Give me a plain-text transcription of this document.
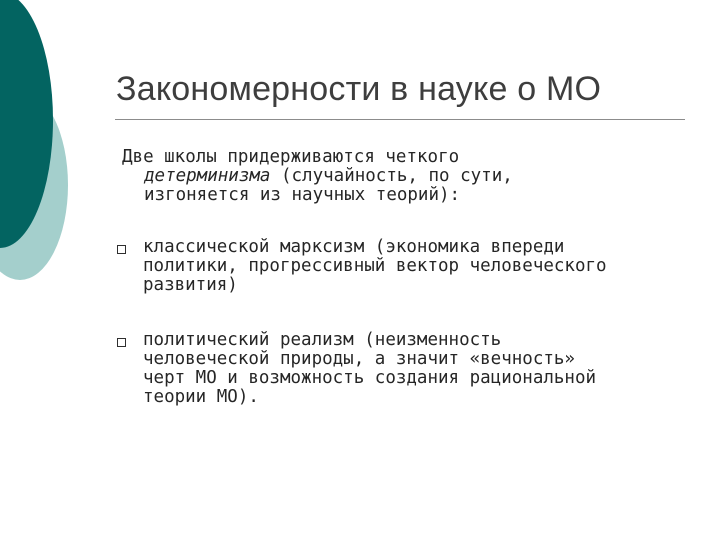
Закономерности в науке о МО
Две школы придерживаются четкого
детерминизма (случайность, по сути,
изгоняется из научных теорий):
классической марксизм (экономика впереди
политики, прогрессивный вектор человеческого
развития)
политический реализм (неизменность
человеческой природы, а значит «вечность»
черт МО и возможность создания рациональной
теории МО).
